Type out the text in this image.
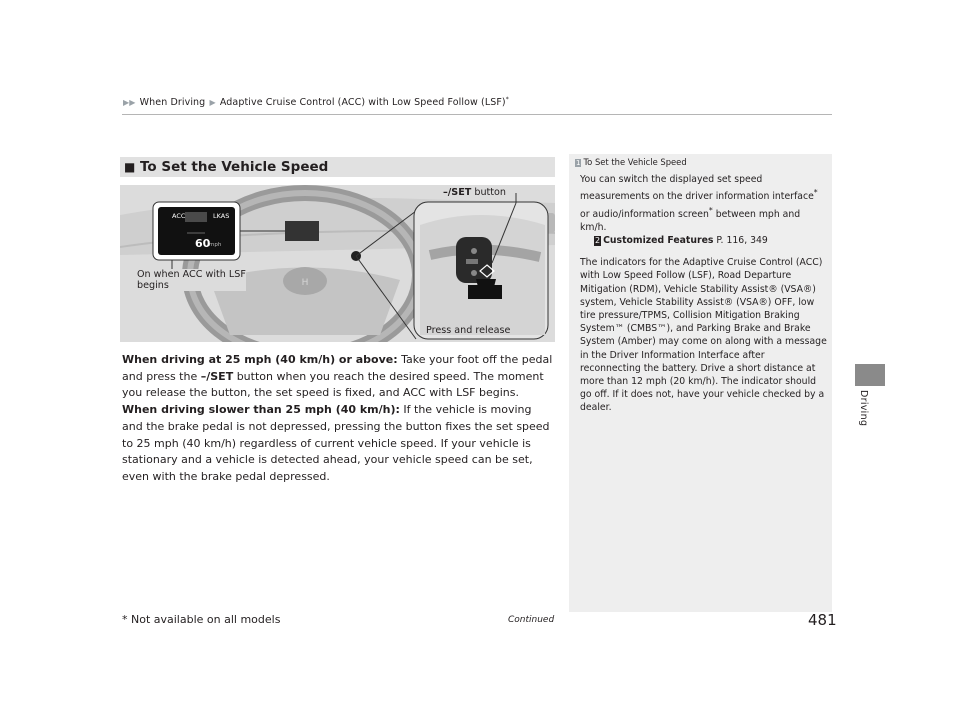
▶▶ When Driving ▶ Adaptive Cruise Control (ACC) with Low Speed Follow (LSF)*
Driving
■ To Set the Vehicle Speed
H
ACC	LKAS
60
mph
–/SET button
On when ACC with LSF
begins
Press and release
When driving at 25 mph (40 km/h) or above: Take your foot off the pedal and press the –/SET button when you reach the desired speed. The moment you release the button, the set speed is fixed, and ACC with LSF begins.
When driving slower than 25 mph (40 km/h): If the vehicle is moving and the brake pedal is not depressed, pressing the button fixes the set speed to 25 mph (40 km/h) regardless of current vehicle speed. If your vehicle is stationary and a vehicle is detected ahead, your vehicle speed can be set, even with the brake pedal depressed.
1 To Set the Vehicle Speed

You can switch the displayed set speed measurements on the driver information interface* or audio/information screen* between mph and km/h.
2 Customized Features P. 116, 349

The indicators for the Adaptive Cruise Control (ACC) with Low Speed Follow (LSF), Road Departure Mitigation (RDM), Vehicle Stability Assist® (VSA®) system, Vehicle Stability Assist® (VSA®) OFF, low tire pressure/TPMS, Collision Mitigation Braking System™ (CMBS™), and Parking Brake and Brake System (Amber) may come on along with a message in the Driver Information Interface after reconnecting the battery. Drive a short distance at more than 12 mph (20 km/h). The indicator should go off. If it does not, have your vehicle checked by a dealer.

* Not available on all models	Continued	481
